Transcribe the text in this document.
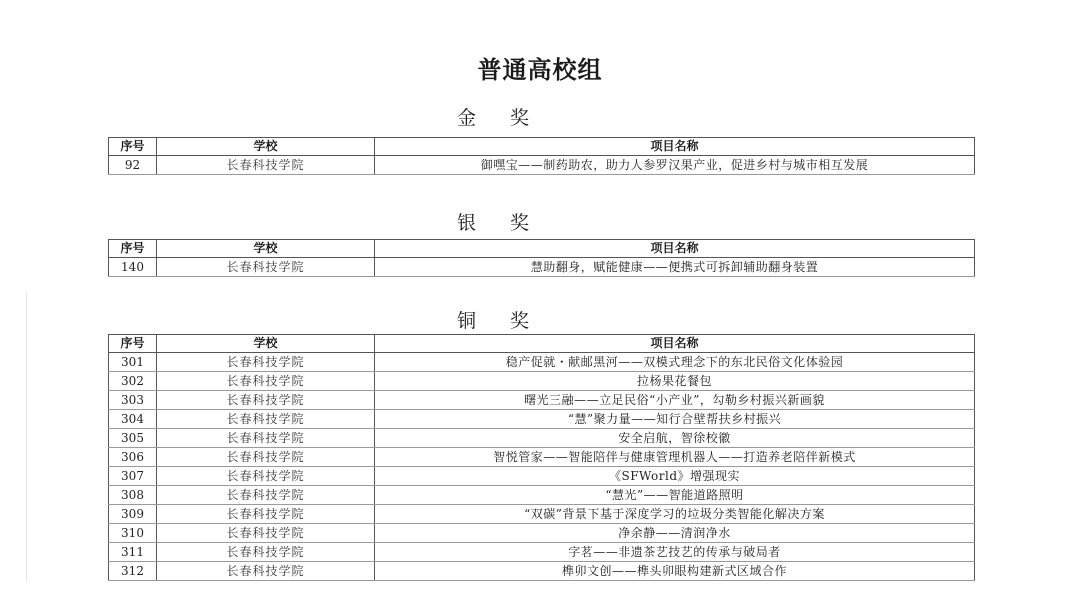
普通高校组
金 奖
序号	学校	项目名称
92	长春科技学院	御嘿宝——制药助农，助力人参罗汉果产业，促进乡村与城市相互发展
银 奖
序号	学校	项目名称
140	长春科技学院	慧助翻身，赋能健康——便携式可拆卸辅助翻身装置
铜 奖
序号	学校	项目名称
301	长春科技学院	稳产促就・献邮黑河——双模式理念下的东北民俗文化体验园
302	长春科技学院	拉杨果花餐包
303	长春科技学院	曙光三融——立足民俗“小产业”，勾勒乡村振兴新画貌
304	长春科技学院	“慧”聚力量——知行合壁帮扶乡村振兴
305	长春科技学院	安全启航，智徐校徽
306	长春科技学院	智悦管家——智能陪伴与健康管理机器人——打造养老陪伴新模式
307	长春科技学院	《SFWorld》增强现实
308	长春科技学院	“慧光”——智能道路照明
309	长春科技学院	“双碳”背景下基于深度学习的垃圾分类智能化解决方案
310	长春科技学院	净余静——清润净水
311	长春科技学院	字茗——非遗茶艺技艺的传承与破局者
312	长春科技学院	榫卯文创——榫头卯眼构建新式区域合作
